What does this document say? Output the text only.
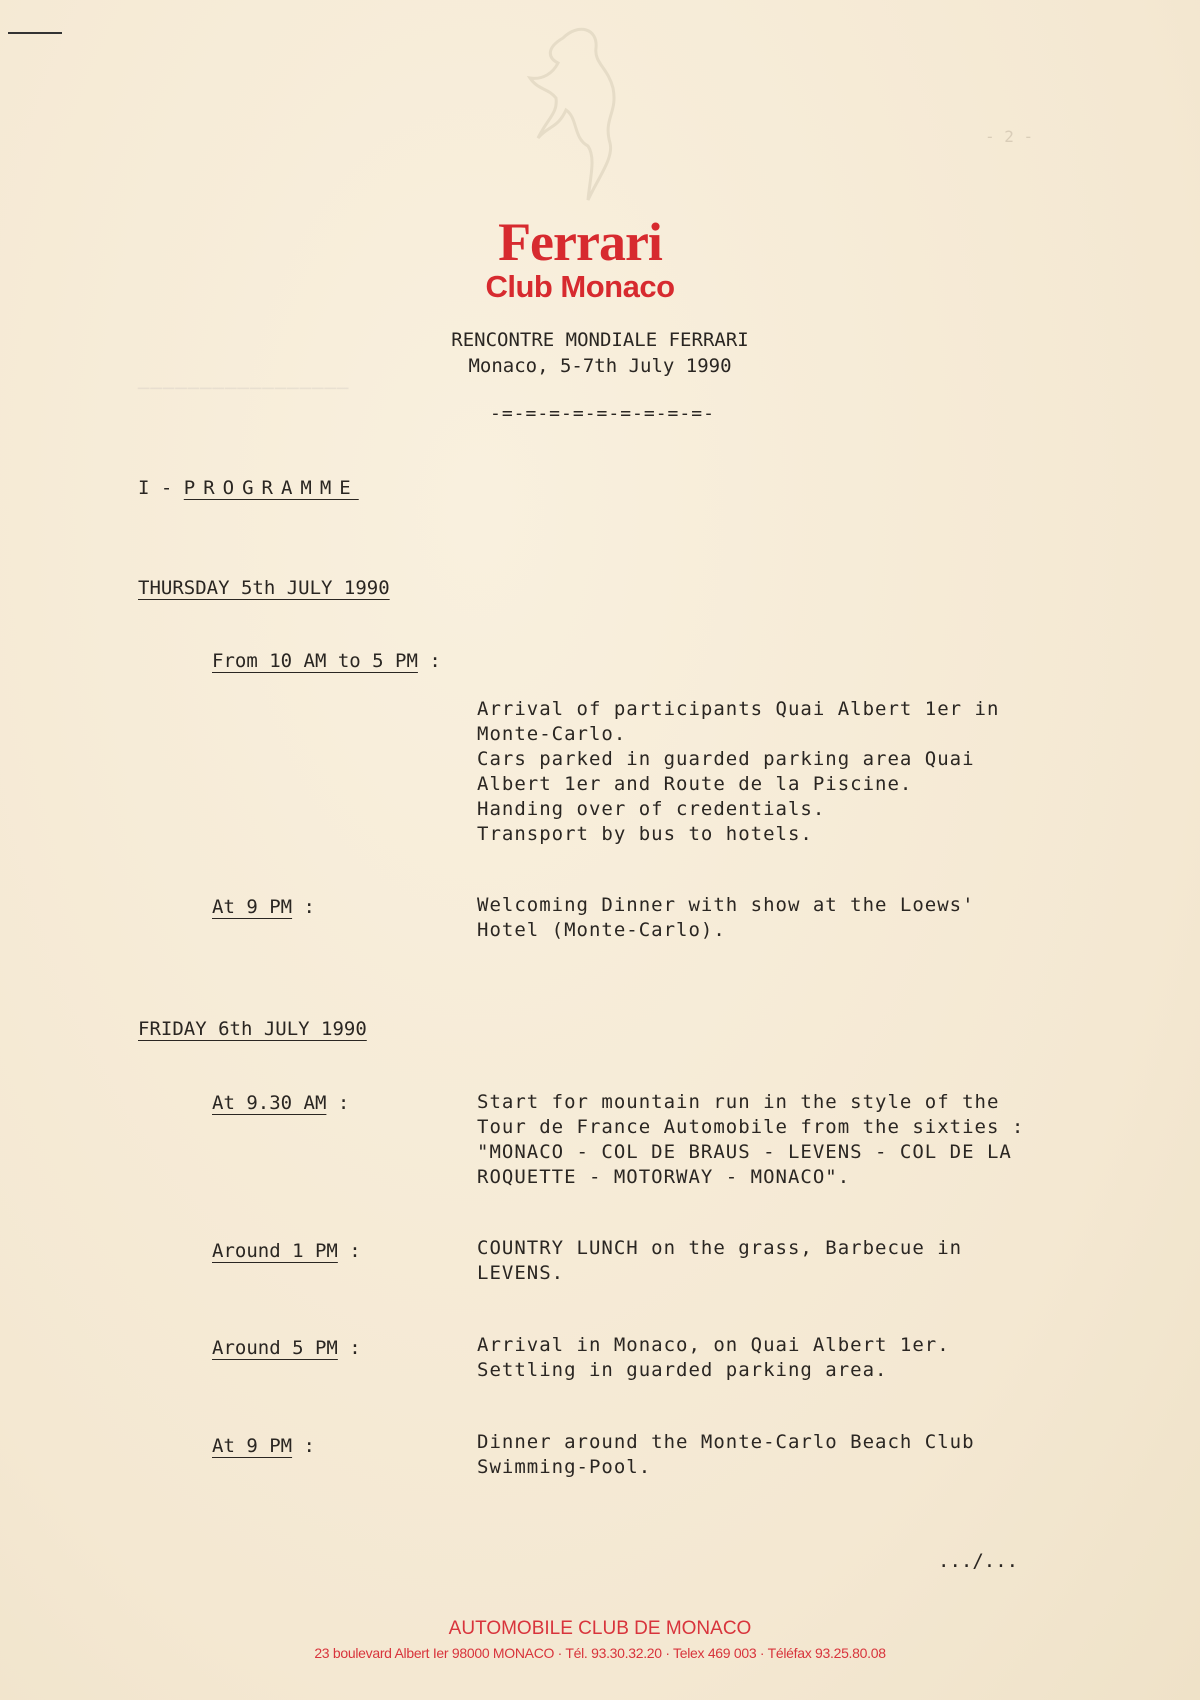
- 2 -
Ferrari
Club Monaco
RENCONTRE MONDIALE FERRARI
Monaco, 5-7th July 1990
-=-=-=-=-=-=-=-=-=-
I - PROGRAMME
─────────────────
THURSDAY 5th JULY 1990
From 10 AM to 5 PM :
Arrival of participants Quai Albert 1er in
Monte-Carlo.
Cars parked in guarded parking area Quai
Albert 1er and Route de la Piscine.
Handing over of credentials.
Transport by bus to hotels.
At 9 PM :	Welcoming Dinner with show at the Loews'
Hotel (Monte-Carlo).
FRIDAY 6th JULY 1990
At 9.30 AM :	Start for mountain run in the style of the
Tour de France Automobile from the sixties :
"MONACO - COL DE BRAUS - LEVENS - COL DE LA
ROQUETTE - MOTORWAY - MONACO".
Around 1 PM :	COUNTRY LUNCH on the grass, Barbecue in
LEVENS.
Around 5 PM :	Arrival in Monaco, on Quai Albert 1er.
Settling in guarded parking area.
At 9 PM :	Dinner around the Monte-Carlo Beach Club
Swimming-Pool.
.../...
AUTOMOBILE CLUB DE MONACO
23 boulevard Albert Ier 98000 MONACO · Tél. 93.30.32.20 · Telex 469 003 · Téléfax 93.25.80.08
